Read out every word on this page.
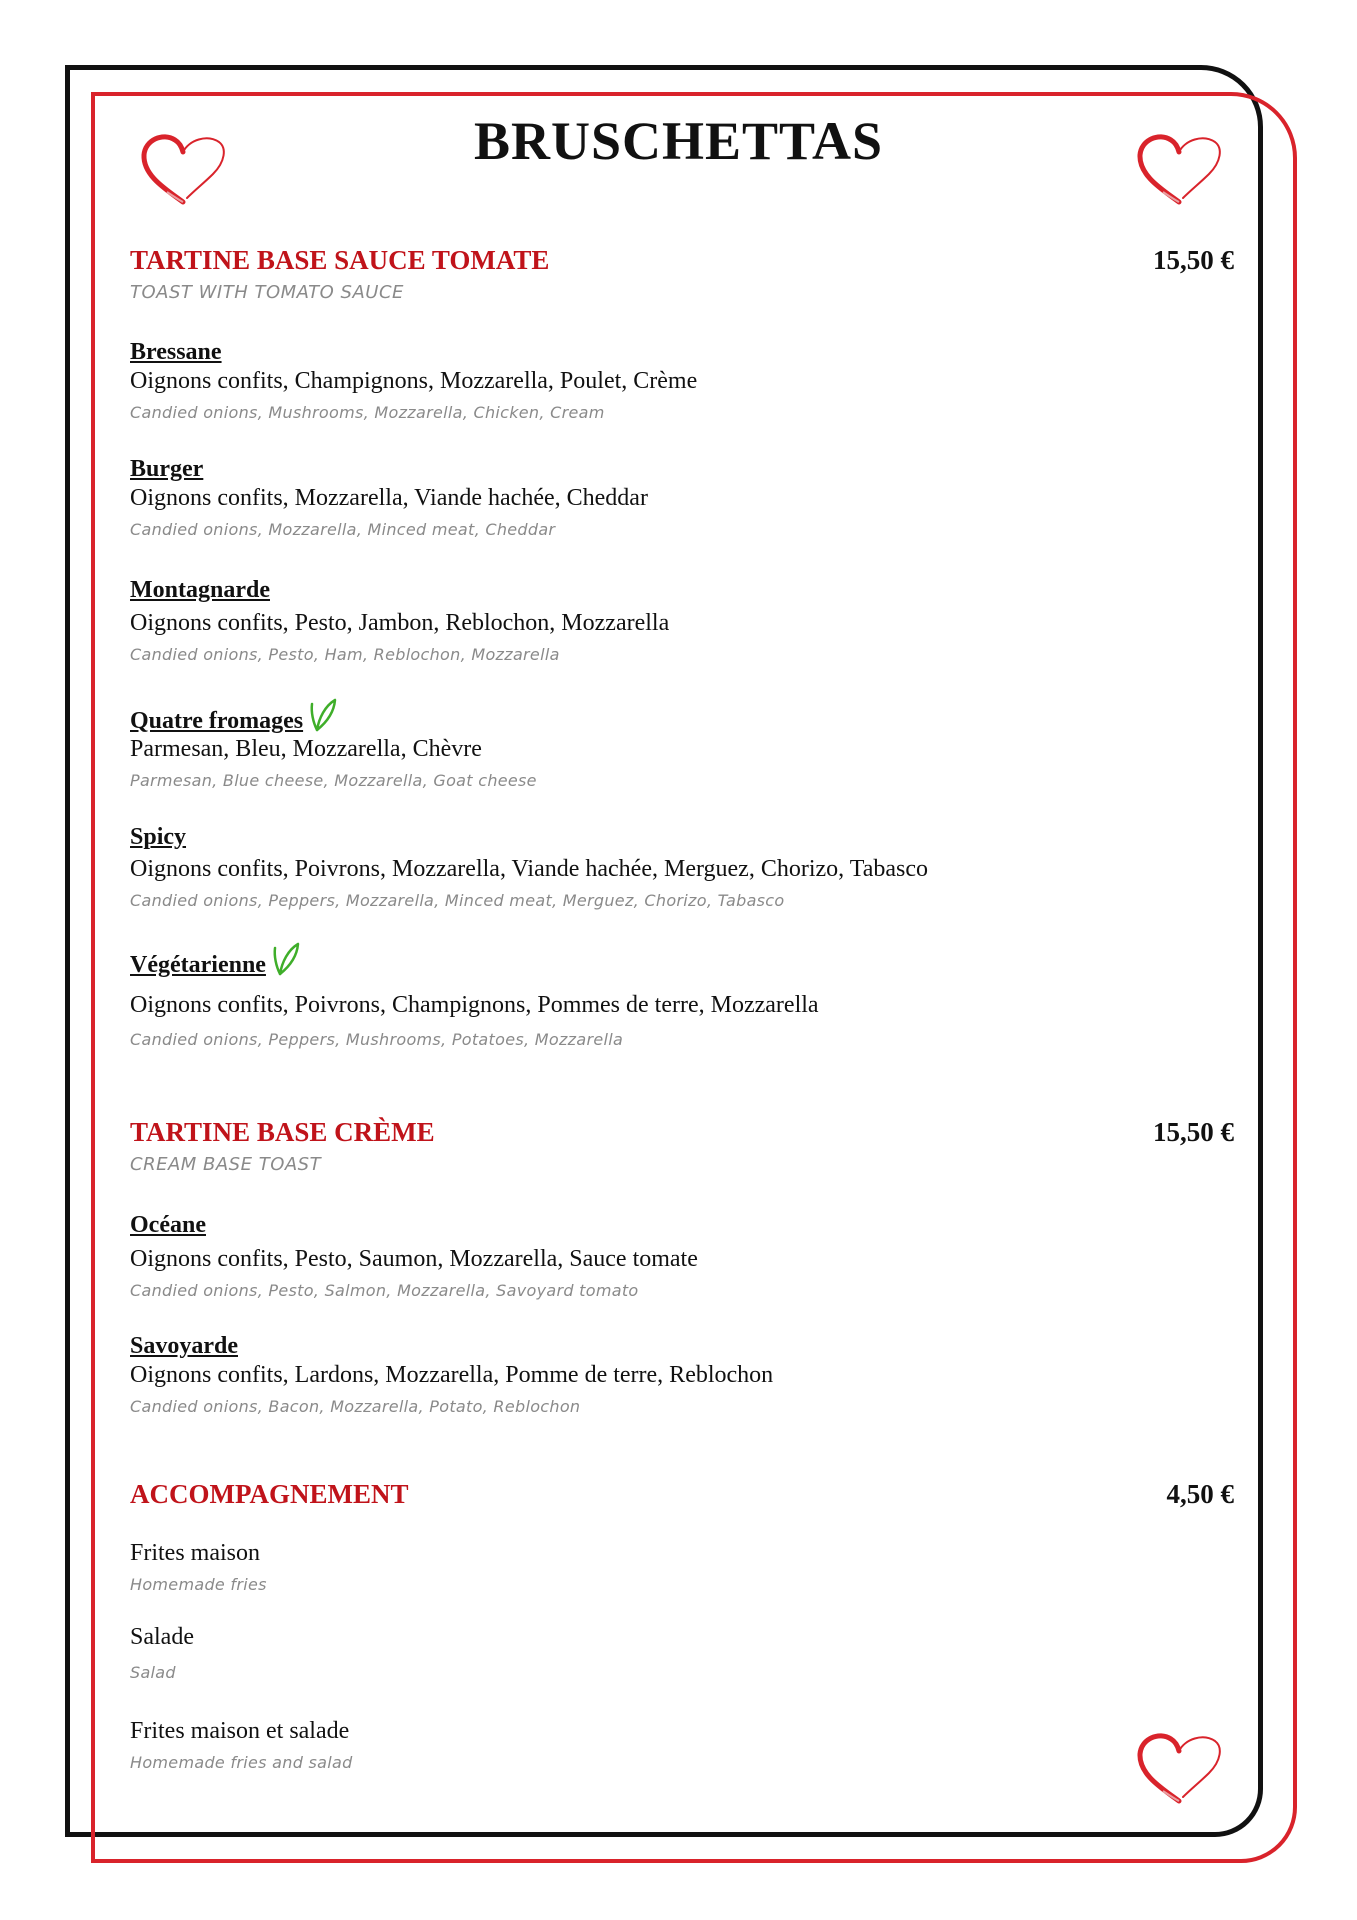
BRUSCHETTAS
TARTINE BASE SAUCE TOMATE	15,50 €
TOAST WITH TOMATO SAUCE
Bressane
Oignons confits, Champignons, Mozzarella, Poulet, Crème
Candied onions, Mushrooms, Mozzarella, Chicken, Cream
Burger
Oignons confits, Mozzarella, Viande hachée, Cheddar
Candied onions, Mozzarella, Minced meat, Cheddar
Montagnarde
Oignons confits, Pesto, Jambon, Reblochon, Mozzarella
Candied onions, Pesto, Ham, Reblochon, Mozzarella
Quatre fromages
Parmesan, Bleu, Mozzarella, Chèvre
Parmesan, Blue cheese, Mozzarella, Goat cheese
Spicy
Oignons confits, Poivrons, Mozzarella, Viande hachée, Merguez, Chorizo, Tabasco
Candied onions, Peppers, Mozzarella, Minced meat, Merguez, Chorizo, Tabasco
Végétarienne
Oignons confits, Poivrons, Champignons, Pommes de terre, Mozzarella
Candied onions, Peppers, Mushrooms, Potatoes, Mozzarella
TARTINE BASE CRÈME	15,50 €
CREAM BASE TOAST
Océane
Oignons confits, Pesto, Saumon, Mozzarella, Sauce tomate
Candied onions, Pesto, Salmon, Mozzarella, Savoyard tomato
Savoyarde
Oignons confits, Lardons, Mozzarella, Pomme de terre, Reblochon
Candied onions, Bacon, Mozzarella, Potato, Reblochon
ACCOMPAGNEMENT	4,50 €
Frites maison
Homemade fries
Salade
Salad
Frites maison et salade
Homemade fries and salad
